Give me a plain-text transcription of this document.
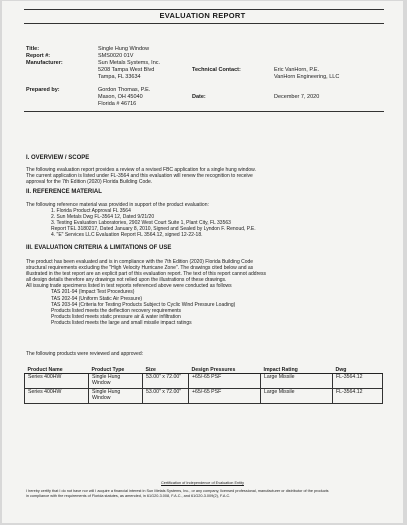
EVALUATION REPORT
Title:	Single Hung Window
Report #:	SMS0020 01V
Manufacturer:	Sun Metals Systems, Inc.
5208 Tampa West Blvd
Tampa, FL 33634
Technical Contact:	Eric VanHorn, P.E.
VanHorn Engineering, LLC
Prepared by:	Gordon Thomas, P.E.
Mason, OH 45040
Florida # 46716
Date:	December 7, 2020
I. OVERVIEW / SCOPE
The following evaluation report provides a review of a revised FBC application for a single hung window.
The current application is listed under FL-3564 and this evaluation will renew the recognition to receive
approval for the 7th Edition (2020) Florida Building Code.
II. REFERENCE MATERIAL
The following reference material was provided in support of the product evaluation:
1. Florida Product Approval FL 3564
2. Sun Metals Dwg FL-3564 12, Dated 9/21/20
3. Testing Evaluation Laboratories, 2902 West Court Suite 1, Plant City, FL 33563
Report TEL 3180217, Dated January 8, 2010, Signed and Sealed by Lyndon F. Renoud, P.E.
4. "E" Services LLC Evaluation Report FL 3564.12, signed 12-22-18.
III. EVALUATION CRITERIA & LIMITATIONS OF USE
The product has been evaluated and is in compliance with the 7th Edition (2020) Florida Building Code
structural requirements excluding the "High Velocity Hurricane Zone". The drawings cited below and as
illustrated in the test report are an explicit part of this evaluation report. The text of this report cannot address
all design details therefore any drawings not relied upon the illustrations of these drawings.
All issuing trade specimens listed in test reports referenced above were conducted as follows
TAS 201-94 (Impact Test Procedures)
TAS 202-94 (Uniform Static Air Pressure)
TAS 203-94 (Criteria for Testing Products Subject to Cyclic Wind Pressure Loading)
Products listed meets the deflection recovery requirements
Products listed meets static pressure air & water infiltration
Products listed meets the large and small missile impact ratings
The following products were reviewed and approved:
Product Name	Product Type	Size	Design Pressures	Impact Rating	Dwg
Series 400HW	Single Hung Window	53.00" x 72.00"	+65/-65 PSF	Large Missile	FL-3564.12
Series 400HW	Single Hung Window	53.00" x 72.00"	+65/-65 PSF	Large Missile	FL-3564.12
Certification of Independence of Evaluation Entity
I hereby certify that I do not have nor will I acquire a financial interest in Sun Metals Systems, Inc., or any company, licensed professional, manufacturer or distributor of the products
in compliance with the requirements of Florida statutes, as amended, in 61G20-3.008, F.A.C., and 61G20-3.009(2), F.A.C.
